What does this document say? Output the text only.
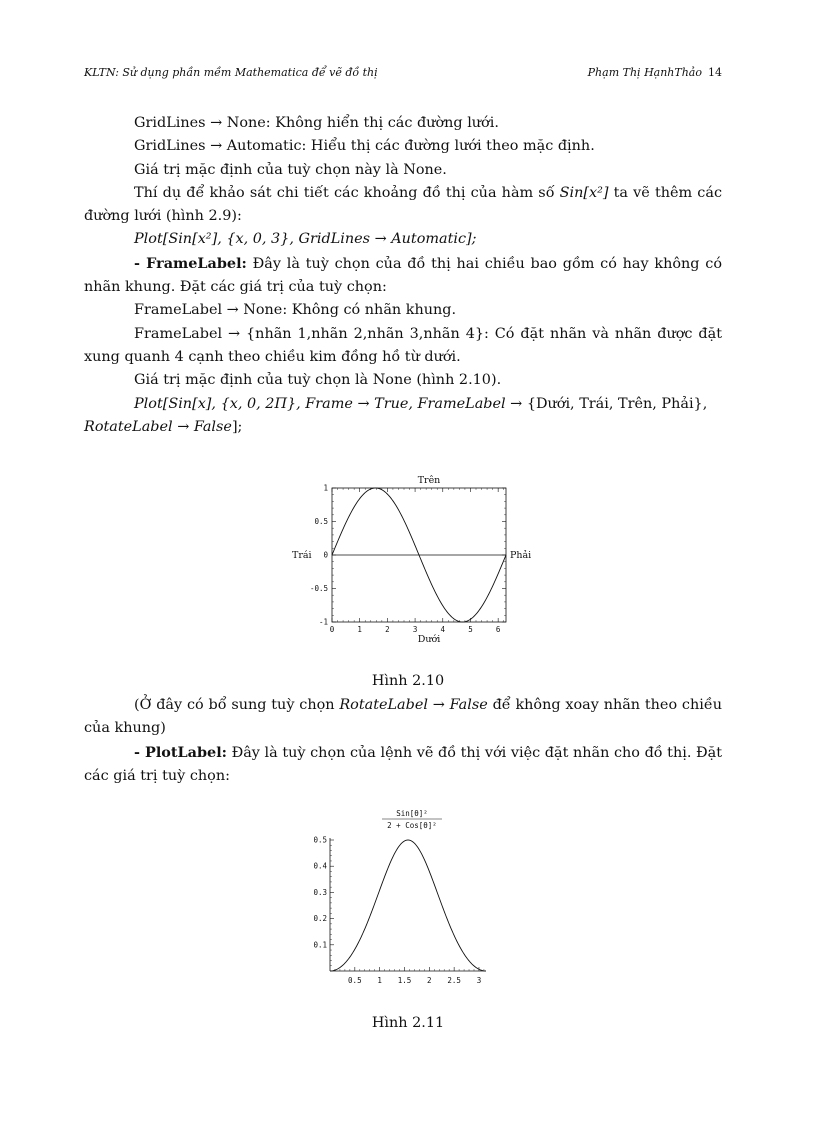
KLTN: Sử dụng phần mềm Mathematica để vẽ đồ thị	Phạm Thị HạnhThảo 14

GridLines → None: Không hiển thị các đường lưới.

GridLines → Automatic: Hiểu thị các đường lưới theo mặc định.

Giá trị mặc định của tuỳ chọn này là None.

Thí dụ để khảo sát chi tiết các khoảng đồ thị của hàm số Sin[x²] ta vẽ thêm các đường lưới (hình 2.9):

Plot[Sin[x²], {x, 0, 3}, GridLines → Automatic];

- FrameLabel: Đây là tuỳ chọn của đồ thị hai chiều bao gồm có hay không có nhãn khung. Đặt các giá trị của tuỳ chọn:

FrameLabel → None: Không có nhãn khung.

FrameLabel → {nhãn 1,nhãn 2,nhãn 3,nhãn 4}: Có đặt nhãn và nhãn được đặt xung quanh 4 cạnh theo chiều kim đồng hồ từ dưới.

Giá trị mặc định của tuỳ chọn là None (hình 2.10).

Plot[Sin[x], {x, 0, 2Π}, Frame → True, FrameLabel → {Dưới, Trái, Trên, Phải},
RotateLabel → False];

0	1	2	3	4	5	6
1
0.5
0
-0.5
-1
Dưới
Trái
Trên
Phải
Hình 2.10

(Ở đây có bổ sung tuỳ chọn RotateLabel → False để không xoay nhãn theo chiều của khung)

- PlotLabel: Đây là tuỳ chọn của lệnh vẽ đồ thị với việc đặt nhãn cho đồ thị. Đặt các giá trị tuỳ chọn:

0.5 1 1.5 2 2.5 3
0.5
0.4
0.3
0.2
0.1
Sin[θ]²
2 + Cos[θ]²
Hình 2.11
